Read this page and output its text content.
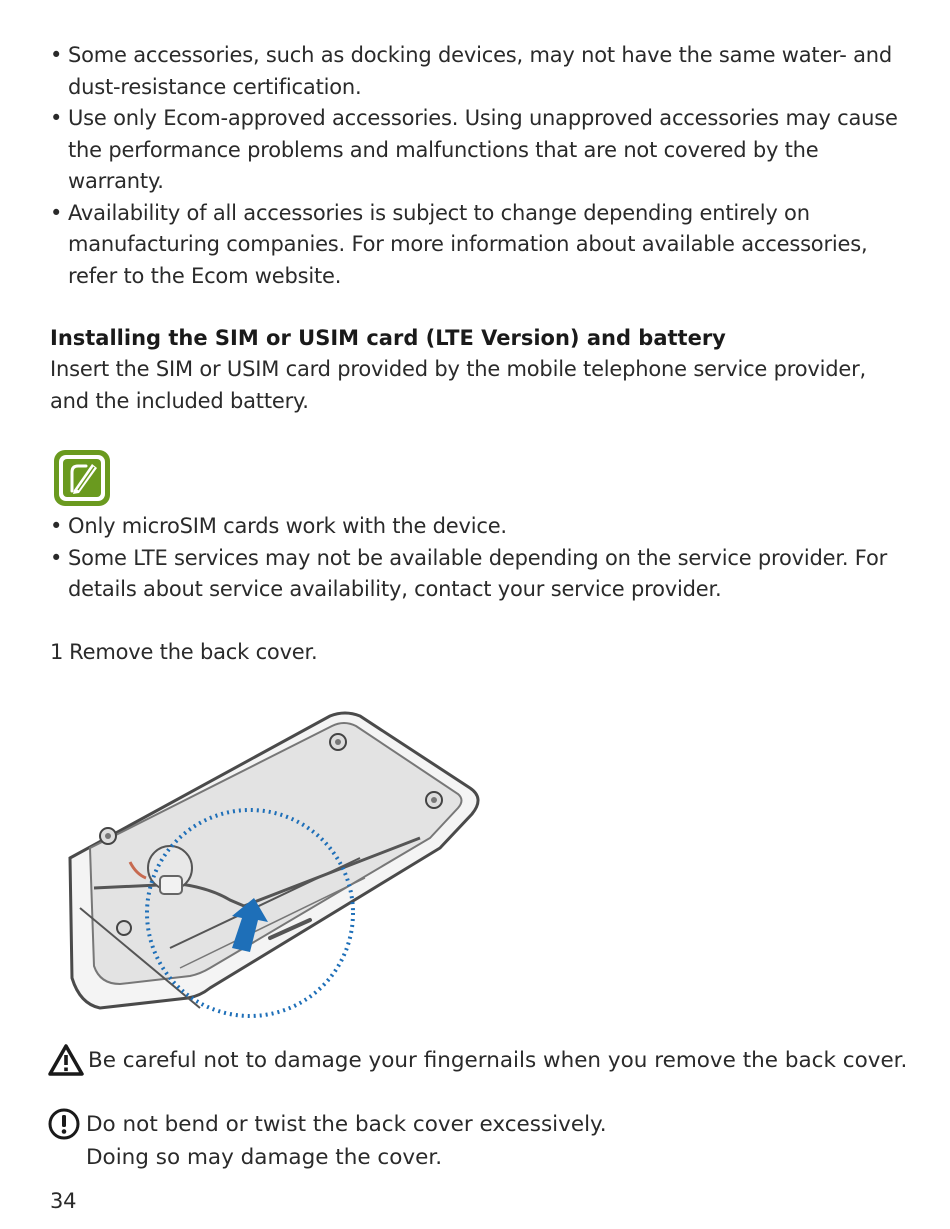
• Some accessories, such as docking devices, may not have the same water- and dust-resistance certification.
• Use only Ecom-approved accessories. Using unapproved accessories may cause the performance problems and malfunctions that are not covered by the warranty.
• Availability of all accessories is subject to change depending entirely on manufacturing companies. For more information about available accessories, refer to the Ecom website.
Installing the SIM or USIM card (LTE Version) and battery

Insert the SIM or USIM card provided by the mobile telephone service provider, and the included battery.

• Only microSIM cards work with the device.
• Some LTE services may not be available depending on the service provider. For details about service availability, contact your service provider.

1 Remove the back cover.

Be careful not to damage your fingernails when you remove the back cover.

Do not bend or twist the back cover excessively.

Doing so may damage the cover.

34
